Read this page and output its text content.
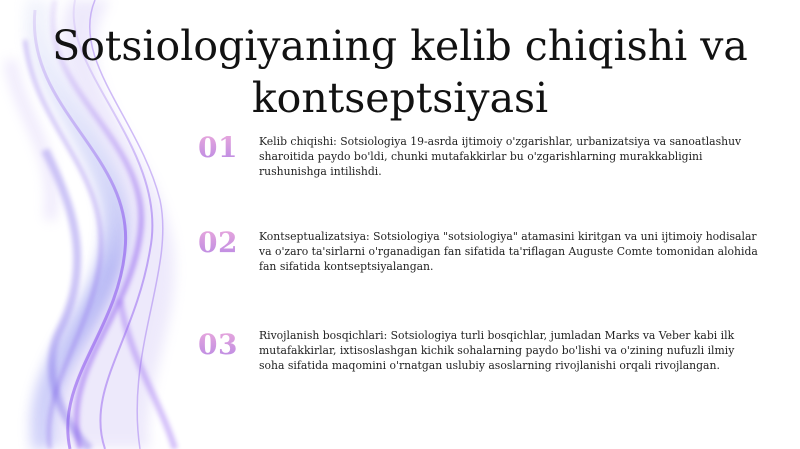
Sotsiologiyaning kelib chiqishi va kontseptsiyasi
01	Kelib chiqishi: Sotsiologiya 19-asrda ijtimoiy o'zgarishlar, urbanizatsiya va sanoatlashuv sharoitida paydo bo'ldi, chunki mutafakkirlar bu o'zgarishlarning murakkabligini rushunishga intilishdi.
02	Kontseptualizatsiya: Sotsiologiya "sotsiologiya" atamasini kiritgan va uni ijtimoiy hodisalar va o'zaro ta'sirlarni o'rganadigan fan sifatida ta'riflagan Auguste Comte tomonidan alohida fan sifatida kontseptsiyalangan.
03	Rivojlanish bosqichlari: Sotsiologiya turli bosqichlar, jumladan Marks va Veber kabi ilk mutafakkirlar, ixtisoslashgan kichik sohalarning paydo bo'lishi va o'zining nufuzli ilmiy soha sifatida maqomini o'rnatgan uslubiy asoslarning rivojlanishi orqali rivojlangan.
